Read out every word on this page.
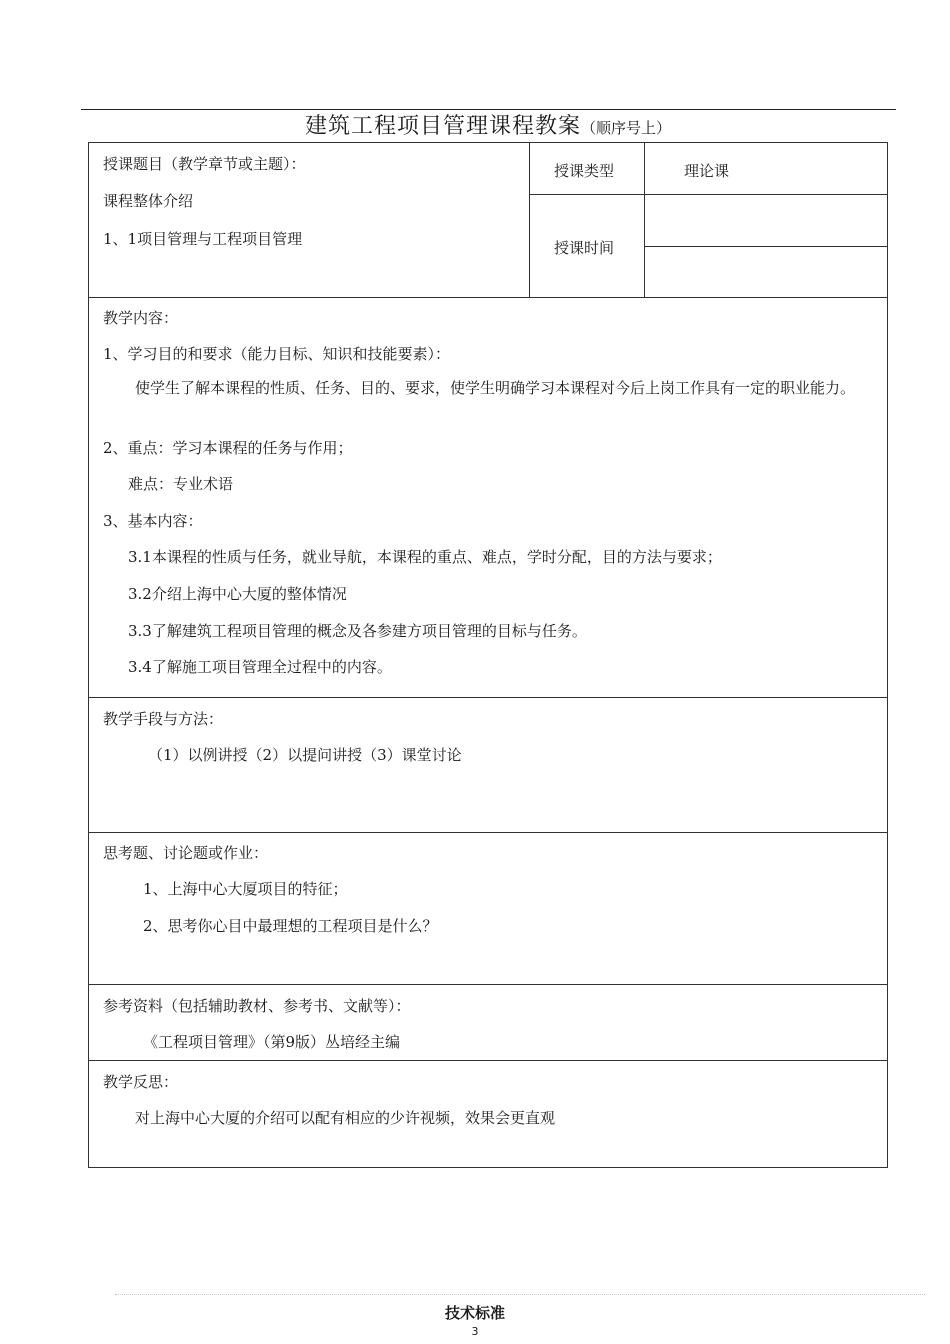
建筑工程项目管理课程教案（顺序号上）
授课题目（教学章节或主题）：
课程整体介绍
1、1项目管理与工程项目管理
授课类型	理论课
授课时间
教学内容：
1、学习目的和要求（能力目标、知识和技能要素）：
使学生了解本课程的性质、任务、目的、要求，使学生明确学习本课程对今后上岗工作具有一定的职业能力。
2、重点：学习本课程的任务与作用；
难点：专业术语
3、基本内容：
3.1本课程的性质与任务，就业导航，本课程的重点、难点，学时分配，目的方法与要求；
3.2介绍上海中心大厦的整体情况
3.3了解建筑工程项目管理的概念及各参建方项目管理的目标与任务。
3.4了解施工项目管理全过程中的内容。
教学手段与方法：
（1）以例讲授（2）以提问讲授（3）课堂讨论
思考题、讨论题或作业：
1、上海中心大厦项目的特征；
2、思考你心目中最理想的工程项目是什么？
参考资料（包括辅助教材、参考书、文献等）：
《工程项目管理》（第9版）丛培经主编
教学反思：
对上海中心大厦的介绍可以配有相应的少许视频，效果会更直观
技术标准
3
